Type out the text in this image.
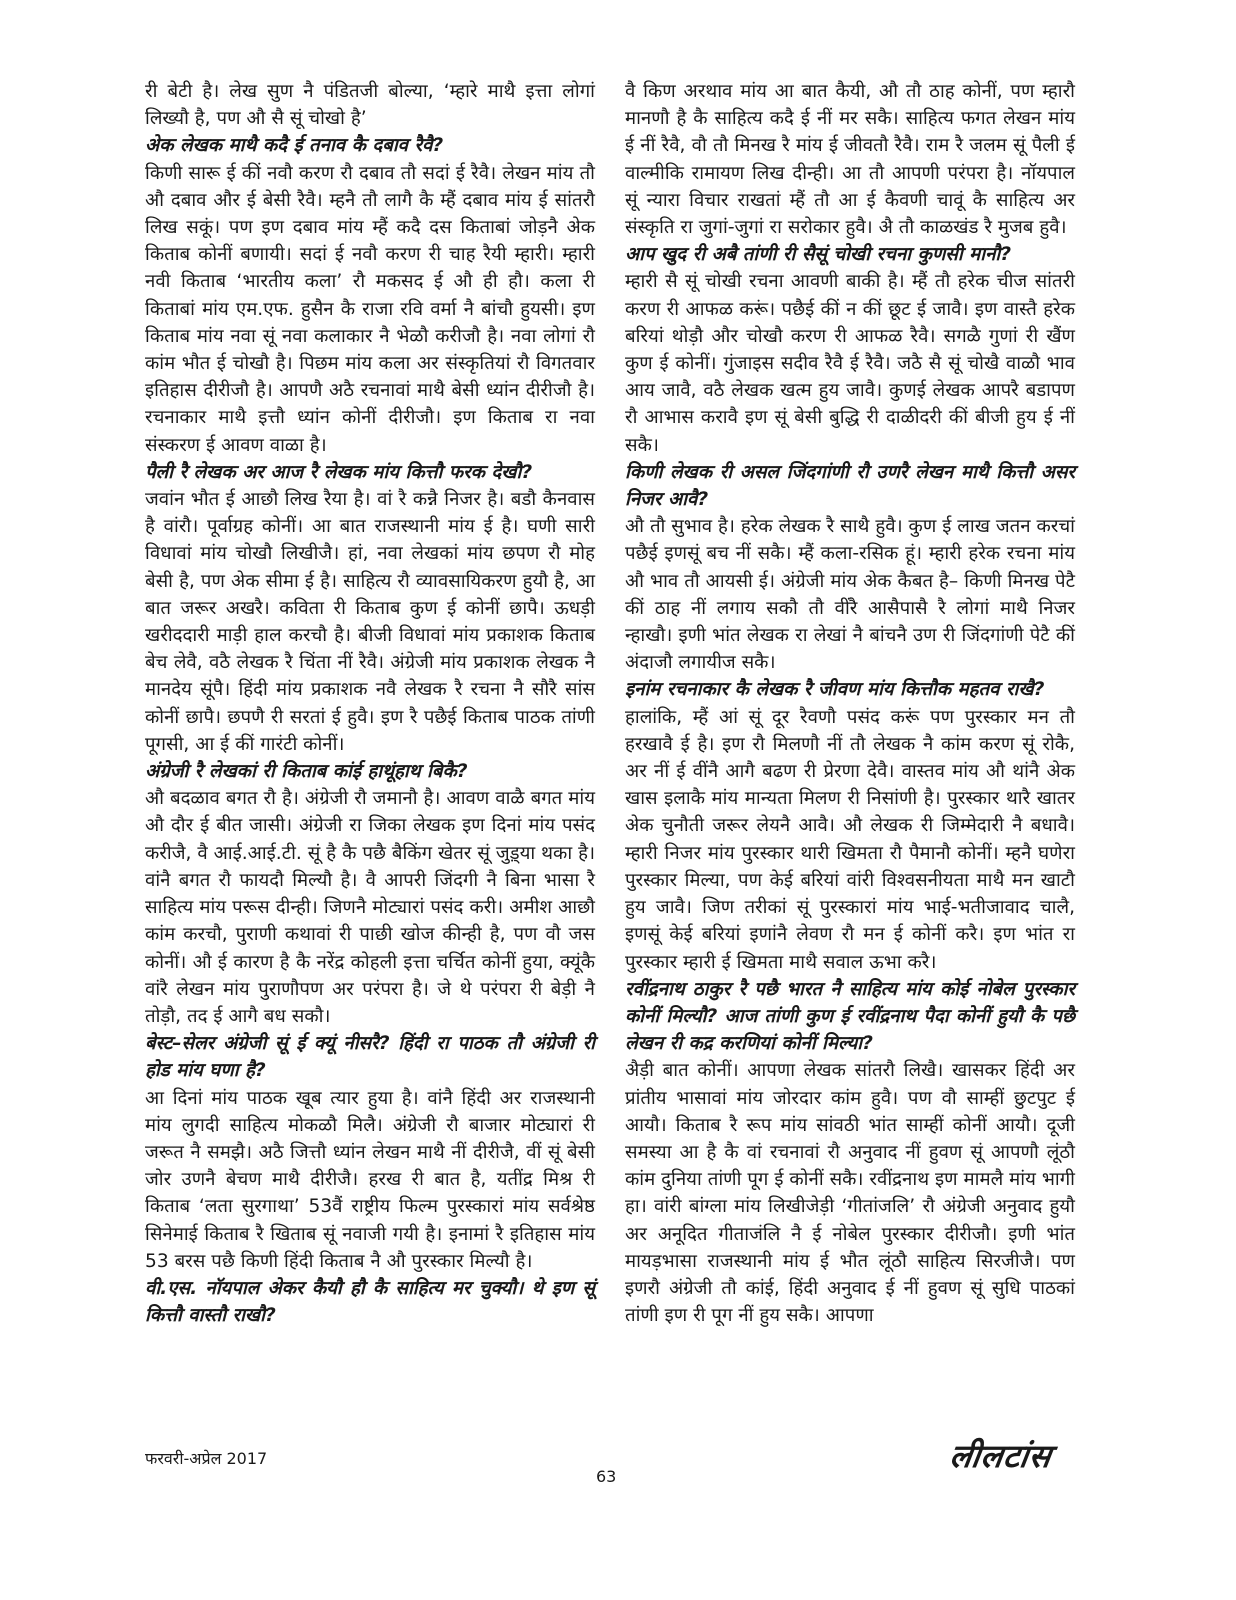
री बेटी है। लेख सुण नै पंडितजी बोल्या, ‘म्हारे माथै इत्ता लोगां लिख्यौ है, पण औ सै सूं चोखो है’

अेक लेखक माथै कदै ई तनाव कै दबाव रैवै?

किणी सारू ई कीं नवौ करण रौ दबाव तौ सदां ई रैवै। लेखन मांय तौ औ दबाव और ई बेसी रैवै। म्हनै तौ लागै कै म्हैं दबाव मांय ई सांतरौ लिख सकूं। पण इण दबाव मांय म्हैं कदै दस किताबां जोड़नै अेक किताब कोनीं बणायी। सदां ई नवौ करण री चाह रैयी म्हारी। म्हारी नवी किताब ‘भारतीय कला’ रौ मकसद ई औ ही हौ। कला री किताबां मांय एम.एफ. हुसैन कै राजा रवि वर्मा नै बांचौ हुयसी। इण किताब मांय नवा सूं नवा कलाकार नै भेळौ करीजौ है। नवा लोगां रौ कांम भौत ई चोखौ है। पिछम मांय कला अर संस्कृतियां रौ विगतवार इतिहास दीरीजौ है। आपणै अठै रचनावां माथै बेसी ध्यांन दीरीजौ है। रचनाकार माथै इत्तौ ध्यांन कोनीं दीरीजौ। इण किताब रा नवा संस्करण ई आवण वाळा है।

पैली रै लेखक अर आज रै लेखक मांय कित्तौ फरक देखौ?

जवांन भौत ई आछौ लिख रैया है। वां रै कन्नै निजर है। बडौ कैनवास है वांरौ। पूर्वाग्रह कोनीं। आ बात राजस्थानी मांय ई है। घणी सारी विधावां मांय चोखौ लिखीजै। हां, नवा लेखकां मांय छपण रौ मोह बेसी है, पण अेक सीमा ई है। साहित्य रौ व्यावसायिकरण हुयौ है, आ बात जरूर अखरै। कविता री किताब कुण ई कोनीं छापै। ऊधड़ी खरीददारी माड़ी हाल करचौ है। बीजी विधावां मांय प्रकाशक किताब बेच लेवै, वठै लेखक रै चिंता नीं रैवै। अंग्रेजी मांय प्रकाशक लेखक नै मानदेय सूंपै। हिंदी मांय प्रकाशक नवै लेखक रै रचना नै सौरै सांस कोनीं छापै। छपणै री सरतां ई हुवै। इण रै पछैई किताब पाठक तांणी पूगसी, आ ई कीं गारंटी कोनीं।

अंग्रेजी रै लेखकां री किताब कांई हाथूंहाथ बिकै?

औ बदळाव बगत रौ है। अंग्रेजी रौ जमानौ है। आवण वाळै बगत मांय औ दौर ई बीत जासी। अंग्रेजी रा जिका लेखक इण दिनां मांय पसंद करीजै, वै आई.आई.टी. सूं है कै पछै बैकिंग खेतर सूं जुड़्या थका है। वांनै बगत रौ फायदौ मिल्यौ है। वै आपरी जिंदगी नै बिना भासा रै साहित्य मांय परूस दीन्ही। जिणनै मोट्यारां पसंद करी। अमीश आछौ कांम करचौ, पुराणी कथावां री पाछी खोज कीन्ही है, पण वौ जस कोनीं। औ ई कारण है कै नरेंद्र कोहली इत्ता चर्चित कोनीं हुया, क्यूंकै वांरै लेखन मांय पुराणौपण अर परंपरा है। जे थे परंपरा री बेड़ी नै तोड़ौ, तद ई आगै बध सकौ।

बेस्ट–सेलर अंग्रेजी सूं ई क्यूं नीसरै? हिंदी रा पाठक तौ अंग्रेजी री होड मांय घणा है?

आ दिनां मांय पाठक खूब त्यार हुया है। वांनै हिंदी अर राजस्थानी मांय लुगदी साहित्य मोकळौ मिलै। अंग्रेजी रौ बाजार मोट्यारां री जरूत नै समझै। अठै जित्तौ ध्यांन लेखन माथै नीं दीरीजै, वीं सूं बेसी जोर उणनै बेचण माथै दीरीजै। हरख री बात है, यतींद्र मिश्र री किताब ‘लता सुरगाथा’ 53वैं राष्ट्रीय फिल्म पुरस्कारां मांय सर्वश्रेष्ठ सिनेमाई किताब रै खिताब सूं नवाजी गयी है। इनामां रै इतिहास मांय 53 बरस पछै किणी हिंदी किताब नै औ पुरस्कार मिल्यौ है।

वी.एस. नॉयपाल अेकर कैयौ हौ कै साहित्य मर चुक्यौ। थे इण सूं कित्तौ वास्तौ राखौ?

वै किण अरथाव मांय आ बात कैयी, औ तौ ठाह कोनीं, पण म्हारौ मानणौ है कै साहित्य कदै ई नीं मर सकै। साहित्य फगत लेखन मांय ई नीं रैवै, वौ तौ मिनख रै मांय ई जीवतौ रैवै। राम रै जलम सूं पैली ई वाल्मीकि रामायण लिख दीन्ही। आ तौ आपणी परंपरा है। नॉयपाल सूं न्यारा विचार राखतां म्हैं तौ आ ई कैवणी चावूं कै साहित्य अर संस्कृति रा जुगां-जुगां रा सरोकार हुवै। अै तौ काळखंड रै मुजब हुवै।

आप खुद री अबै तांणी री सैसूं चोखी रचना कुणसी मानौ?

म्हारी सै सूं चोखी रचना आवणी बाकी है। म्हैं तौ हरेक चीज सांतरी करण री आफळ करूं। पछैई कीं न कीं छूट ई जावै। इण वास्तै हरेक बरियां थोड़ौ और चोखौ करण री आफळ रैवै। सगळै गुणां री खैंण कुण ई कोनीं। गुंजाइस सदीव रैवै ई रैवै। जठै सै सूं चोखै वाळौ भाव आय जावै, वठै लेखक खत्म हुय जावै। कुणई लेखक आपरै बडापण रौ आभास करावै इण सूं बेसी बुद्धि री दाळीदरी कीं बीजी हुय ई नीं सकै।

किणी लेखक री असल जिंदगांणी रौ उणरै लेखन माथै कित्तौ असर निजर आवै?

औ तौ सुभाव है। हरेक लेखक रै साथै हुवै। कुण ई लाख जतन करचां पछैई इणसूं बच नीं सकै। म्हैं कला-रसिक हूं। म्हारी हरेक रचना मांय औ भाव तौ आयसी ई। अंग्रेजी मांय अेक कैबत है– किणी मिनख पेटै कीं ठाह नीं लगाय सकौ तौ वींरै आसैपासै रै लोगां माथै निजर न्हाखौ। इणी भांत लेखक रा लेखां नै बांचनै उण री जिंदगांणी पेटै कीं अंदाजौ लगायीज सकै।

इनांम रचनाकार कै लेखक रै जीवण मांय कित्तौक महतव राखै?

हालांकि, म्हैं आं सूं दूर रैवणौ पसंद करूं पण पुरस्कार मन तौ हरखावै ई है। इण रौ मिलणौ नीं तौ लेखक नै कांम करण सूं रोकै, अर नीं ई वींनै आगै बढण री प्रेरणा देवै। वास्तव मांय औ थांनै अेक खास इलाकै मांय मान्यता मिलण री निसांणी है। पुरस्कार थारै खातर अेक चुनौती जरूर लेयनै आवै। औ लेखक री जिम्मेदारी नै बधावै। म्हारी निजर मांय पुरस्कार थारी खिमता रौ पैमानौ कोनीं। म्हनै घणेरा पुरस्कार मिल्या, पण केई बरियां वांरी विश्वसनीयता माथै मन खाटौ हुय जावै। जिण तरीकां सूं पुरस्कारां मांय भाई-भतीजावाद चालै, इणसूं केई बरियां इणांनै लेवण रौ मन ई कोनीं करै। इण भांत रा पुरस्कार म्हारी ई खिमता माथै सवाल ऊभा करै।

रवींद्रनाथ ठाकुर रै पछै भारत नै साहित्य मांय कोई नोबेल पुरस्कार कोनीं मिल्यौ? आज तांणी कुण ई रवींद्रनाथ पैदा कोनीं हुयौ कै पछै लेखन री कद्र करणियां कोनीं मिल्या?

अैड़ी बात कोनीं। आपणा लेखक सांतरौ लिखै। खासकर हिंदी अर प्रांतीय भासावां मांय जोरदार कांम हुवै। पण वौ साम्हीं छुटपुट ई आयौ। किताब रै रूप मांय सांवठी भांत साम्हीं कोनीं आयौ। दूजी समस्या आ है कै वां रचनावां रौ अनुवाद नीं हुवण सूं आपणौ लूंठौ कांम दुनिया तांणी पूग ई कोनीं सकै। रवींद्रनाथ इण मामलै मांय भागी हा। वांरी बांग्ला मांय लिखीजेड़ी ‘गीतांजलि’ रौ अंग्रेजी अनुवाद हुयौ अर अनूदित गीताजंलि नै ई नोबेल पुरस्कार दीरीजौ। इणी भांत मायड़भासा राजस्थानी मांय ई भौत लूंठौ साहित्य सिरजीजै। पण इणरौ अंग्रेजी तौ कांई, हिंदी अनुवाद ई नीं हुवण सूं सुधि पाठकां तांणी इण री पूग नीं हुय सकै। आपणा

फरवरी-अप्रेल 2017
63
लीलटांस
